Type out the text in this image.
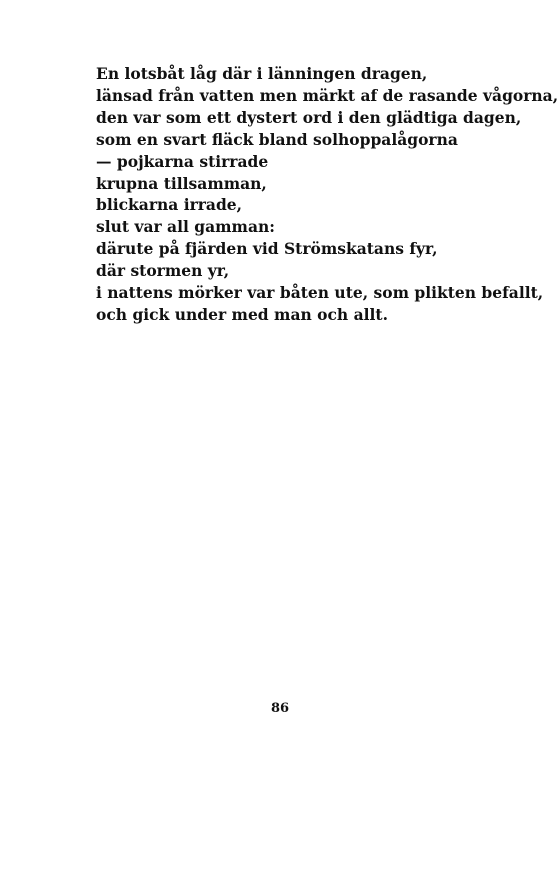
En lotsbåt låg där i länningen dragen,
länsad från vatten men märkt af de rasande vågorna,
den var som ett dystert ord i den glädtiga dagen,
som en svart fläck bland solhoppalågorna
— pojkarna stirrade
krupna tillsamman,
blickarna irrade,
slut var all gamman:
därute på fjärden vid Strömskatans fyr,
där stormen yr,
i nattens mörker var båten ute, som plikten befallt,
och gick under med man och allt.
86
